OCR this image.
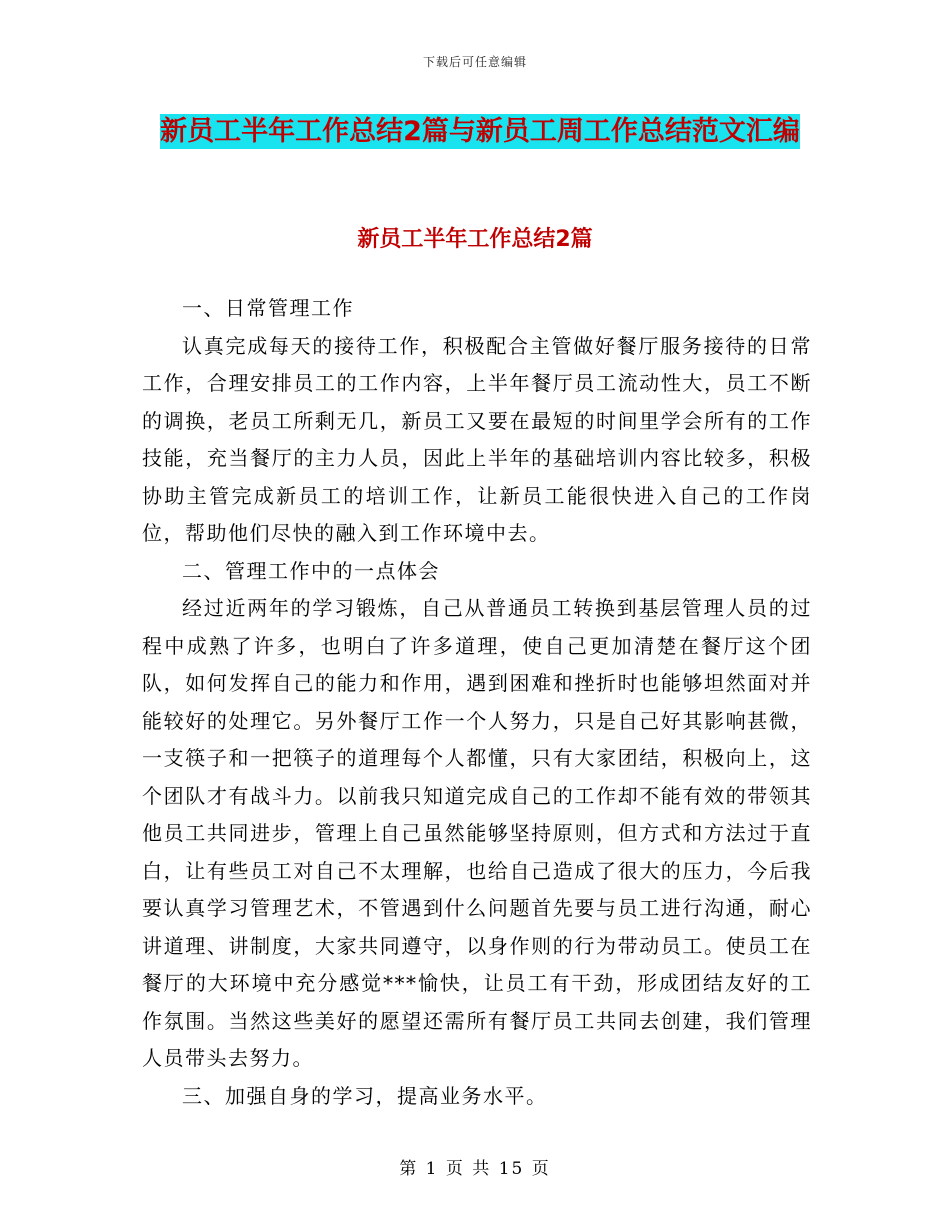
下载后可任意编辑
新员工半年工作总结2篇与新员工周工作总结范文汇编
新员工半年工作总结2篇

一、日常管理工作

认真完成每天的接待工作，积极配合主管做好餐厅服务接待的日常工作，合理安排员工的工作内容，上半年餐厅员工流动性大，员工不断的调换，老员工所剩无几，新员工又要在最短的时间里学会所有的工作技能，充当餐厅的主力人员，因此上半年的基础培训内容比较多，积极协助主管完成新员工的培训工作，让新员工能很快进入自己的工作岗位，帮助他们尽快的融入到工作环境中去。

二、管理工作中的一点体会

经过近两年的学习锻炼，自己从普通员工转换到基层管理人员的过程中成熟了许多，也明白了许多道理，使自己更加清楚在餐厅这个团队，如何发挥自己的能力和作用，遇到困难和挫折时也能够坦然面对并能较好的处理它。另外餐厅工作一个人努力，只是自己好其影响甚微，一支筷子和一把筷子的道理每个人都懂，只有大家团结，积极向上，这个团队才有战斗力。以前我只知道完成自己的工作却不能有效的带领其他员工共同进步，管理上自己虽然能够坚持原则，但方式和方法过于直白，让有些员工对自己不太理解，也给自己造成了很大的压力，今后我要认真学习管理艺术，不管遇到什么问题首先要与员工进行沟通，耐心讲道理、讲制度，大家共同遵守，以身作则的行为带动员工。使员工在餐厅的大环境中充分感觉***愉快，让员工有干劲，形成团结友好的工作氛围。当然这些美好的愿望还需所有餐厅员工共同去创建，我们管理人员带头去努力。

三、加强自身的学习，提高业务水平。

第 1 页 共 15 页
